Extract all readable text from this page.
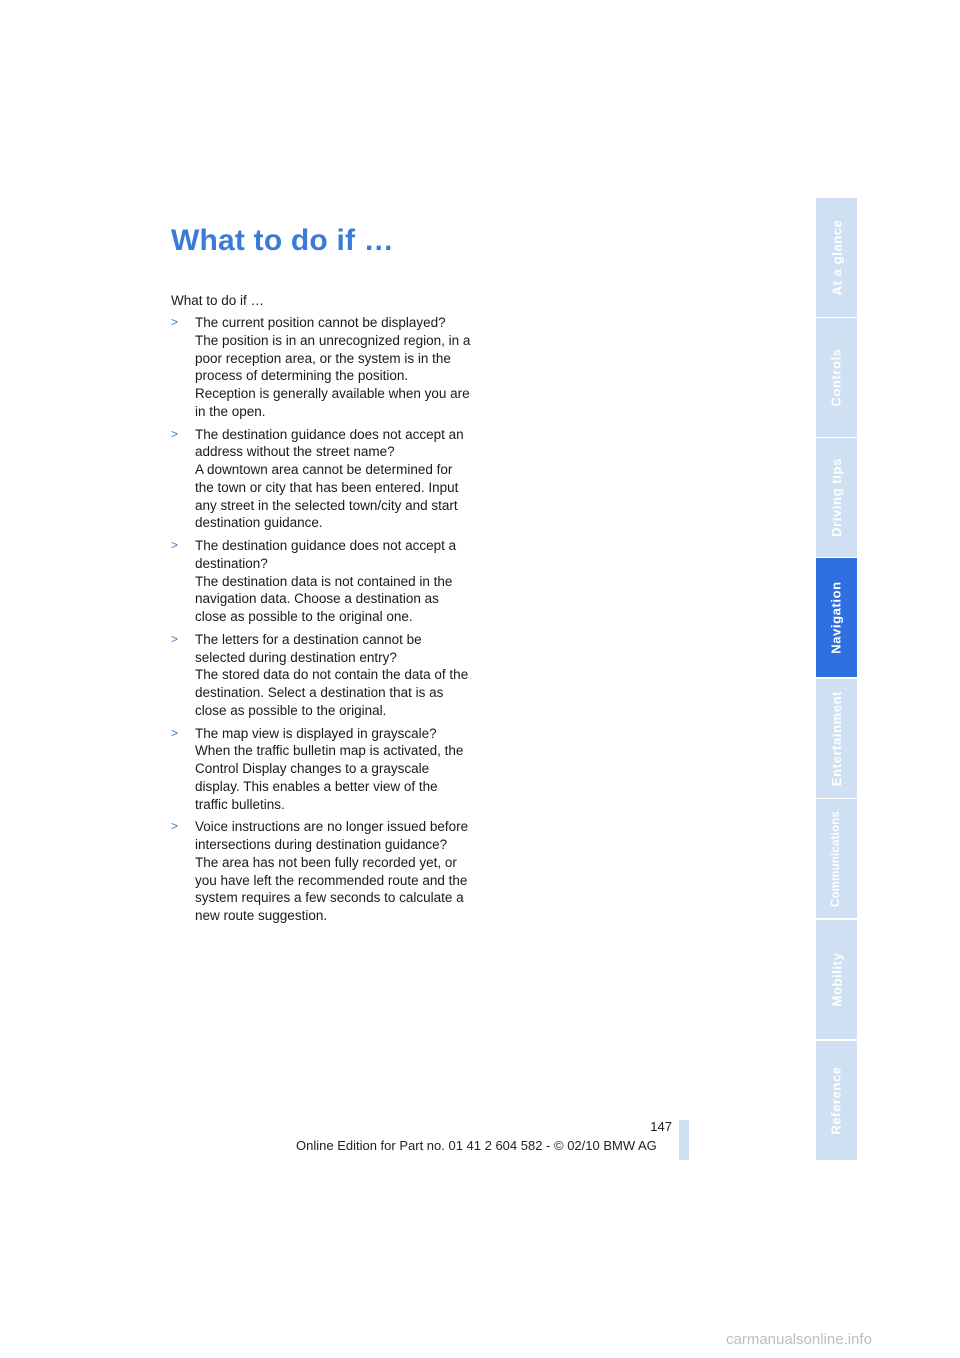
What to do if …

What to do if …

> The current position cannot be displayed?

The position is in an unrecognized region, in a poor reception area, or the system is in the process of determining the position. Reception is generally available when you are in the open.

> The destination guidance does not accept an address without the street name?

A downtown area cannot be determined for the town or city that has been entered. Input any street in the selected town/city and start destination guidance.

> The destination guidance does not accept a destination?

The destination data is not contained in the navigation data. Choose a destination as close as possible to the original one.

> The letters for a destination cannot be selected during destination entry?

The stored data do not contain the data of the destination. Select a destination that is as close as possible to the original.

> The map view is displayed in grayscale?

When the traffic bulletin map is activated, the Control Display changes to a grayscale display. This enables a better view of the traffic bulletins.

> Voice instructions are no longer issued before intersections during destination guidance?

The area has not been fully recorded yet, or you have left the recommended route and the system requires a few seconds to calculate a new route suggestion.

At a glance
Controls
Driving tips
Navigation
Entertainment
Communications
Mobility
Reference
147
Online Edition for Part no. 01 41 2 604 582 - © 02/10 BMW AG
carmanualsonline.info
